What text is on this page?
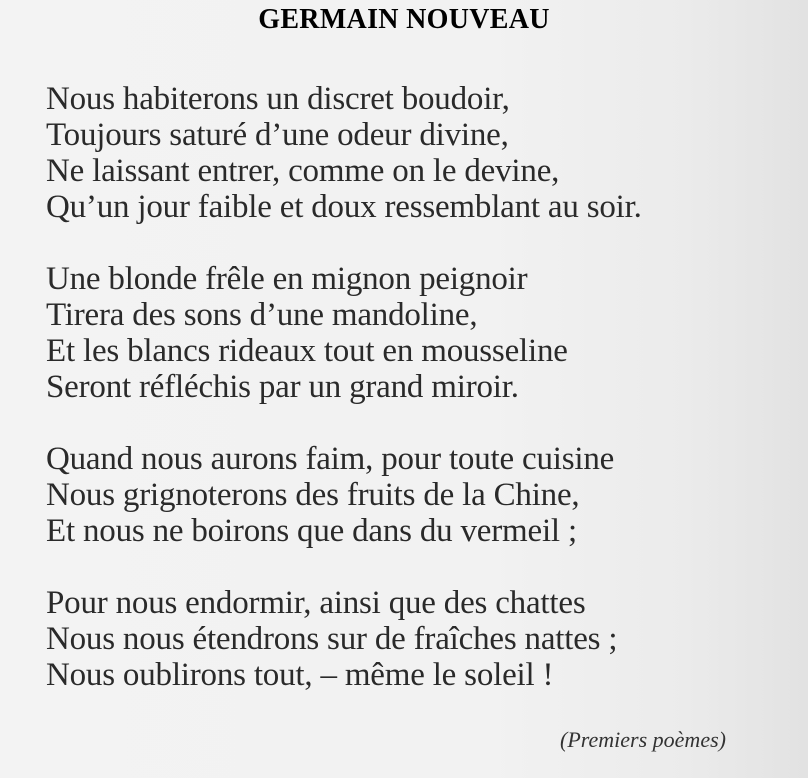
GERMAIN NOUVEAU
Nous habiterons un discret boudoir,
Toujours saturé d’une odeur divine,
Ne laissant entrer, comme on le devine,
Qu’un jour faible et doux ressemblant au soir.
Une blonde frêle en mignon peignoir
Tirera des sons d’une mandoline,
Et les blancs rideaux tout en mousseline
Seront réfléchis par un grand miroir.
Quand nous aurons faim, pour toute cuisine
Nous grignoterons des fruits de la Chine,
Et nous ne boirons que dans du vermeil ;
Pour nous endormir, ainsi que des chattes
Nous nous étendrons sur de fraîches nattes ;
Nous oublirons tout, – même le soleil !
(Premiers poèmes)
